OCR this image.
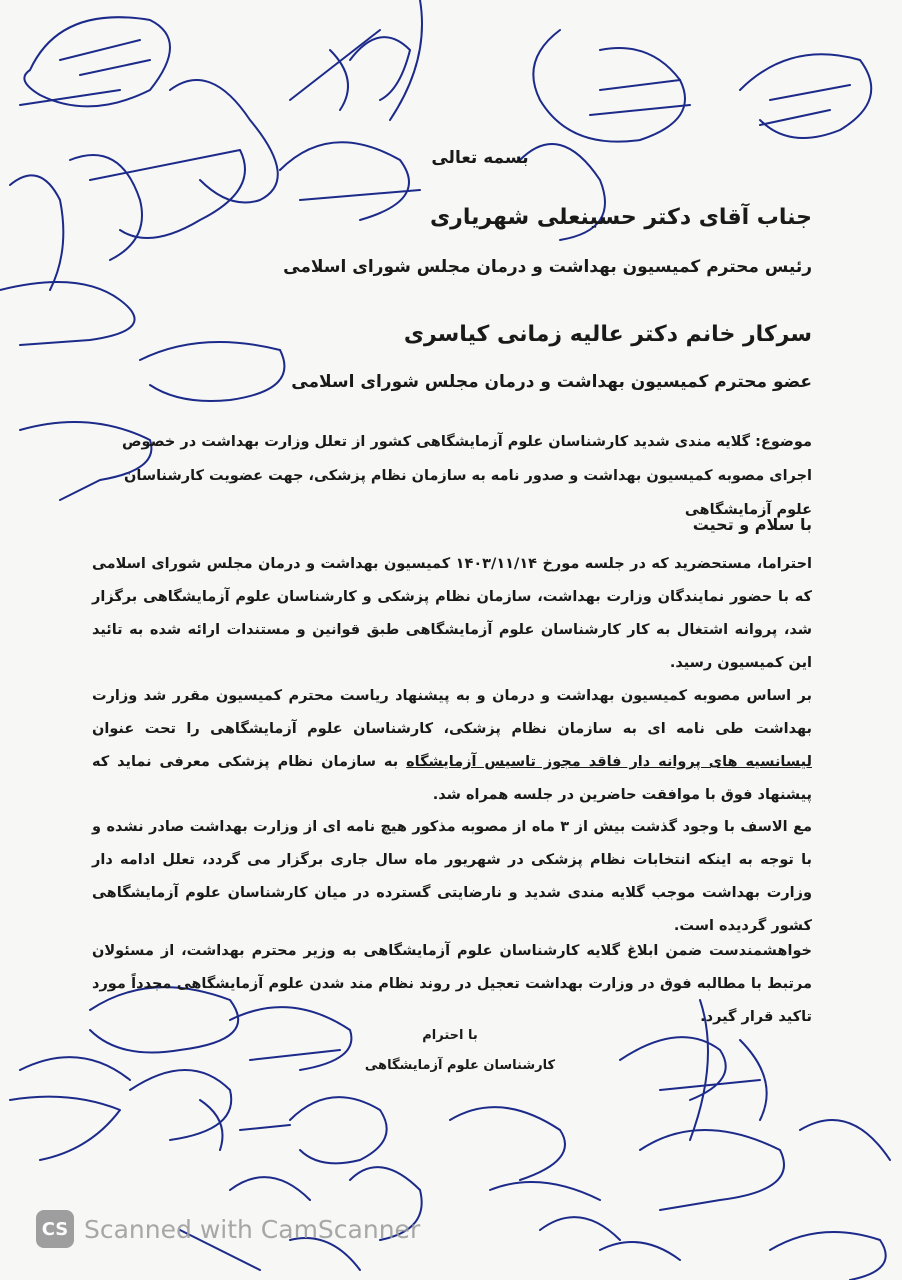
بسمه تعالی
جناب آقای دکتر حسینعلی شهریاری
رئیس محترم کمیسیون بهداشت و درمان مجلس شورای اسلامی
سرکار خانم دکتر عالیه زمانی کیاسری
عضو محترم کمیسیون بهداشت و درمان مجلس شورای اسلامی
موضوع: گلایه مندی شدید کارشناسان علوم آزمایشگاهی کشور از تعلل وزارت بهداشت در خصوص اجرای مصوبه کمیسیون بهداشت و صدور نامه به سازمان نظام پزشکی، جهت عضویت کارشناسان علوم آزمایشگاهی
با سلام و تحیت
احتراما، مستحضرید که در جلسه مورخ ۱۴۰۳/۱۱/۱۴ کمیسیون بهداشت و درمان مجلس شورای اسلامی که با حضور نمایندگان وزارت بهداشت، سازمان نظام پزشکی و کارشناسان علوم آزمایشگاهی برگزار شد، پروانه اشتغال به کار کارشناسان علوم آزمایشگاهی طبق قوانین و مستندات ارائه شده به تائید این کمیسیون رسید.
بر اساس مصوبه کمیسیون بهداشت و درمان و به پیشنهاد ریاست محترم کمیسیون مقرر شد وزارت بهداشت طی نامه ای به سازمان نظام پزشکی، کارشناسان علوم آزمایشگاهی را تحت عنوان لیسانسیه های پروانه دار فاقد مجوز تاسیس آزمایشگاه به سازمان نظام پزشکی معرفی نماید که پیشنهاد فوق با موافقت حاضرین در جلسه همراه شد.
مع الاسف با وجود گذشت بیش از ۳ ماه از مصوبه مذکور هیچ نامه ای از وزارت بهداشت صادر نشده و با توجه به اینکه انتخابات نظام پزشکی در شهریور ماه سال جاری برگزار می گردد، تعلل ادامه دار وزارت بهداشت موجب گلایه مندی شدید و نارضایتی گسترده در میان کارشناسان علوم آزمایشگاهی کشور گردیده است.
خواهشمندست ضمن ابلاغ گلایه کارشناسان علوم آزمایشگاهی به وزیر محترم بهداشت، از مسئولان مرتبط با مطالبه فوق در وزارت بهداشت تعجیل در روند نظام مند شدن علوم آزمایشگاهی مجدداً مورد تاکید قرار گیرد.
با احترام
کارشناسان علوم آزمایشگاهی
CS Scanned with CamScanner
